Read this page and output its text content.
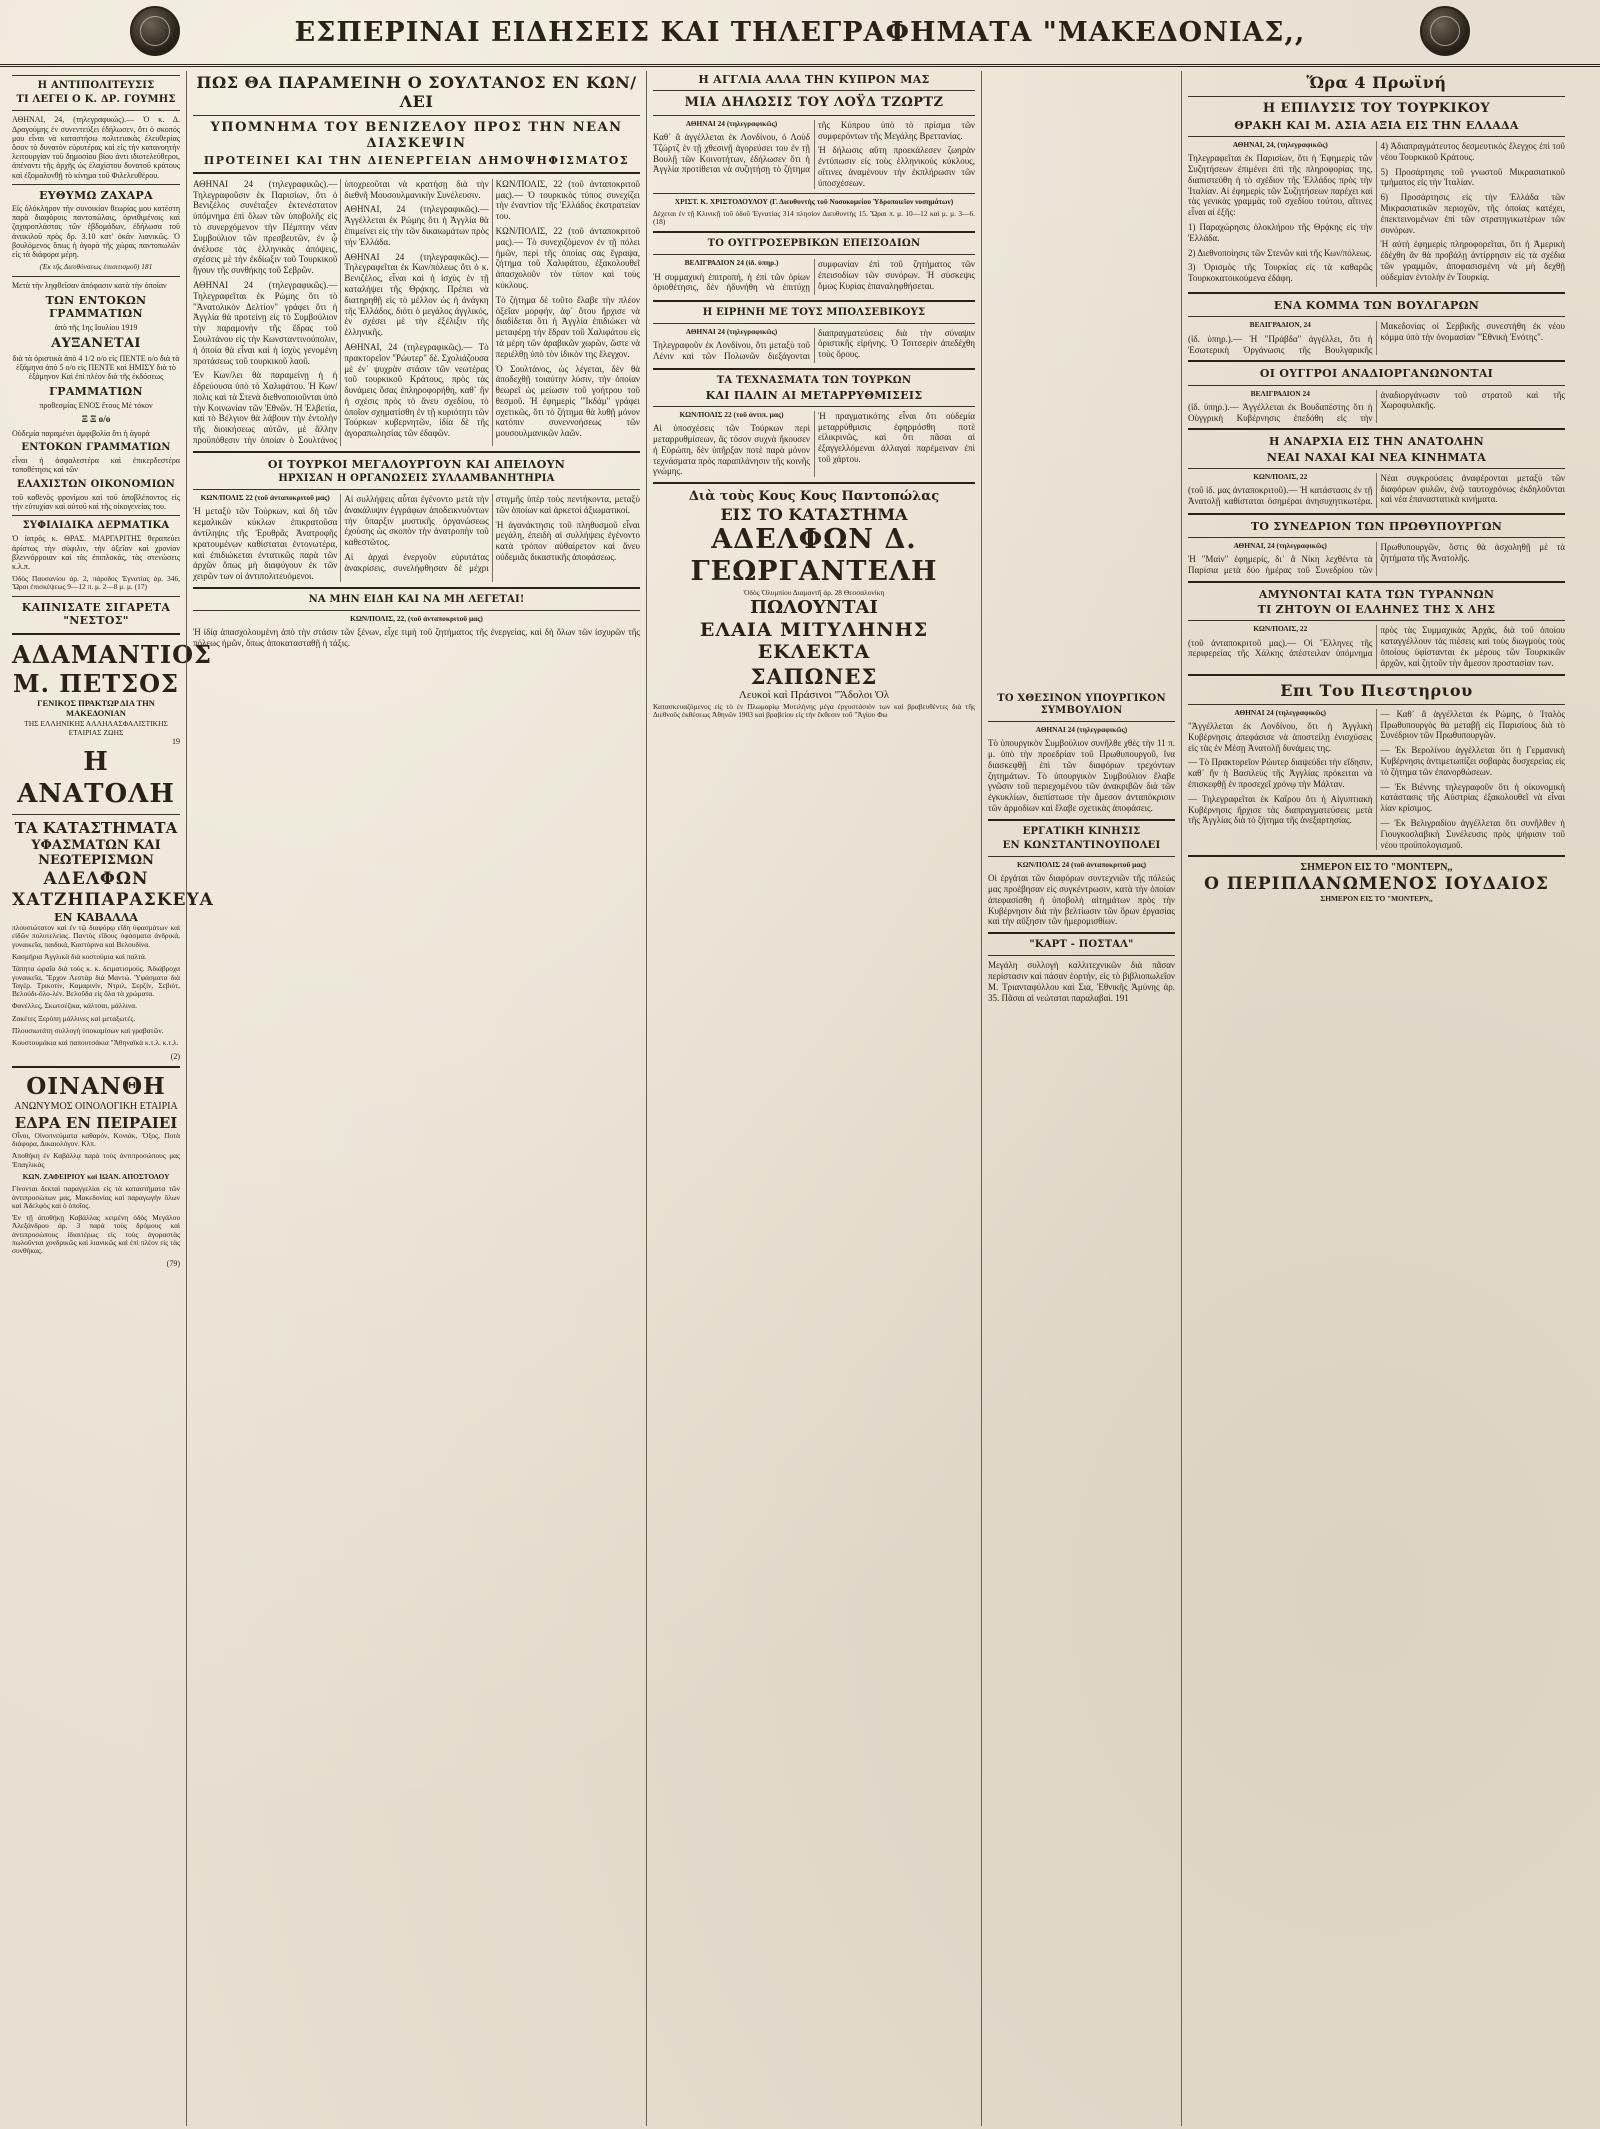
ΕΣΠΕΡΙΝΑΙ ΕΙΔΗΣΕΙΣ ΚΑΙ ΤΗΛΕΓΡΑΦΗΜΑΤΑ "ΜΑΚΕΔΟΝΙΑΣ,,
Η ΑΝΤΙΠΟΛΙΤΕΥΣΙΣ
ΤΙ ΛΕΓΕΙ Ο Κ. ΔΡ. ΓΟΥΜΗΣ

ΑΘΗΝΑΙ, 24, (τηλεγραφικώς).— Ὁ κ. Δ. Δραγούμης ἐν συνεντεύξει ἐδήλωσεν, ὅτι ὁ σκοπός μου εἶναι νὰ καταστήσω πολιτειακὰς ἐλευθερίας ὅσον τὸ δυνατὸν εὐρυτέρας καὶ εἰς τὴν κατανοητὴν λειτουργίαν τοῦ δημοσίου βίου ἀντι ιδιοτελεύθεροι, ἀπέναντι τῆς ἀρχῆς ὡς ἐλαχίστου δυνατοῦ κράτους καὶ ἐξομαλυνθῇ τὸ κίνημα τοῦ Φιλελευθέρου.

ΕΥΘΥΜΩ ΖΑΧΑΡΑ

Εἰς ὁλόκληρον τὴν συνοικίαν θεωρίας μου κατέστη παρὰ διαφόροις παντοπώλαις, ὀρνιθιμένοις καὶ ζαχαροπλάστας τῶν ἑβδομάδων, ἐδήλωσα τοῦ ἀνιικιλοῦ πρὸς δρ. 3.10 κατ' ὀκᾶν λιανικῶς. Ὁ βουλόμενος ὅπως ἡ ἀγορὰ τῆς χώρας παντοπωλῶν εἰς τὰ διάφορα μέρη.

(Ἐκ τῆς Διευθύνσεως ἐπισιτισμοῦ) 181

Μετὰ τὴν ληφθεῖσαν ἀπόφασιν κατὰ τὴν ὁποίαν

ΤΩΝ ΕΝΤΟΚΩΝ ΓΡΑΜΜΑΤΙΩΝ

ἀπὸ τῆς 1ης Ιουλίου 1919

ΑΥΞΑΝΕΤΑΙ

διὰ τὰ ὁριστικὰ ἀπὸ 4 1/2 ο/ο εἰς ΠΕΝΤΕ ο/ο διὰ τὰ ἑξάμηνα ἀπὸ 5 ο/ο εἰς ΠΕΝΤΕ καὶ ΗΜΙΣΥ διὰ τὸ ἑξάμηνον Καὶ ἐπὶ πλέον διὰ τῆς ἐκδόσεως

ΓΡΑΜΜΑΤΙΩΝ

προθεσμίας ΕΝΟΣ ἔτους Μὲ τόκον

Ξ Ξ ο/ο

Οὐδεμία παραμένει ἀμφιβολία ὅτι ἡ ἀγορὰ

ΕΝΤΟΚΩΝ ΓΡΑΜΜΑΤΙΩΝ

εἶναι ἡ ἀσφαλεστέρα καὶ ἐπικερδεστέρα τοποθέτησις καὶ τῶν

ΕΛΑΧΙΣΤΩΝ ΟΙΚΟΝΟΜΙΩΝ

τοῦ καθενὸς φρονίμου καὶ τοῦ ἀποβλέποντος εἰς τὴν εὐτυχίαν καὶ αὐτοῦ καὶ τῆς οἰκογενείας του.

ΣΥΦΙΛΙΔΙΚΑ ΔΕΡΜΑΤΙΚΑ

Ὁ ἰατρὸς κ. ΘΡΑΣ. ΜΑΡΓΑΡΙΤΗΣ θεραπεύει ἀρίστως τὴν σύφιλιν, τὴν ὀξεῖαν καὶ χρονίαν βλεννόρροιαν καὶ τὰς ἐπιπλοκάς, τὰς στενώσεις κ.λ.π.

Ὁδὸς Παυσανίου ἀρ. 2, πάροδος Ἐγνατίας ἀρ. 346, Ὥραι ἐπισκέψεως 9—12 π. μ. 2—8 μ. μ. (17)

ΚΑΠΝΙΣΑΤΕ ΣΙΓΑΡΕΤΑ "ΝΕΣΤΟΣ"
ΑΔΑΜΑΝΤΙΟΣ Μ. ΠΕΤΣΟΣ
ΓΕΝΙΚΟΣ ΠΡΑΚΤΩΡ ΔΙΑ ΤΗΝ ΜΑΚΕΔΟΝΙΑΝ
ΤΗΣ ΕΛΛΗΝΙΚΗΣ ΑΛΛΗΛΑΣΦΑΛΙΣΤΙΚΗΣ ΕΤΑΙΡΙΑΣ ΖΩΗΣ
19
Η ΑΝΑΤΟΛΗ
ΤΑ ΚΑΤΑΣΤΗΜΑΤΑ
ΥΦΑΣΜΑΤΩΝ ΚΑΙ ΝΕΩΤΕΡΙΣΜΩΝ
ΑΔΕΛΦΩΝ ΧΑΤΖΗΠΑΡΑΣΚΕΥΑ
ΕΝ ΚΑΒΑΛΛΑ

πλουσιώτατον καὶ ἐν τῷ διαφόρῳ εἴδη ὑφασμάτων καὶ εἰδῶν πολυτελείας. Παντὸς εἴδους ὑφάσματα ἀνδρικά, γυναικεῖα, παιδικά, Καστόρινα καὶ Βελουδίνα.

Κασμήρια Ἀγγλικὰ διὰ κοστούμια καὶ παλτά.

Τάπητα ὡραῖα διὰ τοὺς κ. κ. δειματισμούς. Ἀδιάβροχα γυναικεῖα, Ἔρχον Λεστὰρ διὰ Μαντώ. Ὑφάσματα διὰ Ταγέρ. Τρικοτίν, Καμαρινίν, Ντριλ, Σερζίν, Σεβιὸτ, Βελούδι-ὅλο-λέν. Βελοῦδα εἰς ὅλα τὰ χρώματα.

Φανέλλες, Σκωτσέζικα, κάλτσαι, μάλλινα.

Ζακέτες Ξερόπη μάλλινες καὶ μεταξωτές.

Πλουσιωτάτη συλλογὴ ὑποκαμίσων καὶ γραβατῶν.

Κουστουμάκια καὶ παπουτσάκια "Ἀθηναϊκὰ κ.τ.λ. κ.τ.λ.

(2)
ΟΙΝΑΝΘΗ
ΑΝΩΝΥΜΟΣ ΟΙΝΟΛΟΓΙΚΗ ΕΤΑΙΡΙΑ
ΕΔΡΑ ΕΝ ΠΕΙΡΑΙΕΙ

Οἶνοι, Οἰνοπνεύματα καθαρόν, Κονιάκ, Ὄξος, Ποτὰ διάφορα, Δικαιολόγον. Κλπ.

Ἀποθήκη ἐν Καβάλλᾳ παρὰ τοὺς ἀντιπροσώπους μας Ἐπαγλικὰς

ΚΩΝ. ΖΑΦΕΙΡΙΟΥ καὶ ΙΩΑΝ. ΑΠΟΣΤΟΛΟΥ

Γίνονται δεκταὶ παραγγελίαι εἰς τὰ καταστήματα τῶν ἀντιπροσώπων μας, Μακεδονίας καὶ παραγωγὴν ὅλων καὶ Ἀδελφὸς καὶ ὁ ὁποῖος.

Ἐν τῇ ἀποθήκῃ Καβάλλας κειμένη ὁδὸς Μεγάλου Ἀλεξάνδρου ἀρ. 3 παρὰ τοὺς δρόμους καὶ ἀντιπροσώπους ἰδιαιτέρως εἰς τοὺς ἀγοραστὰς πωλοῦνται χονδρικῶς καὶ λιανικῶς καὶ ἐπὶ πλέον εἰς τὰς συνθήκας.

(79)
ΠΩΣ ΘΑ ΠΑΡΑΜΕΙΝΗ Ο ΣΟΥΛΤΑΝΟΣ ΕΝ ΚΩΝ/ΛΕΙ
ΥΠΟΜΝΗΜΑ ΤΟΥ ΒΕΝΙΖΕΛΟΥ ΠΡΟΣ ΤΗΝ ΝΕΑΝ ΔΙΑΣΚΕΨΙΝ
ΠΡΟΤΕΙΝΕΙ ΚΑΙ ΤΗΝ ΔΙΕΝΕΡΓΕΙΑΝ ΔΗΜΟΨΗΦΙΣΜΑΤΟΣ

ΑΘΗΝΑΙ 24 (τηλεγραφικῶς).— Τηλεγραφοῦσιν ἐκ Παρισίων, ὅτι ὁ Βενιζέλος συνέταξεν ἐκτενέστατον ὑπόμνημα ἐπὶ ὅλων τῶν ὑποβολῆς εἰς τὸ συνερχόμενον τὴν Πέμπτην νέαν Συμβούλιον τῶν πρεσβευτῶν, ἐν ᾧ ἀνέλυσε τὰς ἑλληνικὰς ἀπόψεις, σχέσεις μὲ τὴν ἐκδίωξιν τοῦ Τουρκικοῦ ἤγουν τῆς συνθήκης τοῦ Σεβρῶν.

ΑΘΗΝΑΙ 24 (τηλεγραφικῶς).— Τηλεγραφεῖται ἐκ Ρώμης ὅτι τὸ "Ἀνατολικὸν Δελτίον" γράφει ὅτι ἡ Ἀγγλία θὰ προτείνῃ εἰς τὸ Συμβούλιον τὴν παραμονὴν τῆς ἕδρας τοῦ Σουλτάνου εἰς τὴν Κωνσταντινούπολιν, ἡ ὁποία θὰ εἶναι καὶ ἡ ἰσχὺς γενομένη προτάσεως τοῦ τουρκικοῦ λαοῦ.

Ἐν Κων/λει θὰ παραμείνῃ ἡ ἡ ἑδρεύουσα ὑπὸ τὸ Χαλιφάτου. Ἡ Κων/πολις καὶ τὰ Στενὰ διεθνοποιοῦνται ὑπὸ τὴν Κοινωνίαν τῶν Ἐθνῶν. Ἡ Ἑλβετία, καὶ τὸ Βέλγιον θὰ λάβουν τὴν ἐντολὴν τῆς διοικήσεως αὐτῶν, μὲ ἄλλην προϋπόθεσιν τὴν ὁποίαν ὁ Σουλτάνος ὑποχρεοῦται νὰ κρατήσῃ διὰ τὴν διεθνῆ Μουσουλμανικὴν Συνέλευσιν.

ΑΘΗΝΑΙ, 24 (τηλεγραφικῶς).— Ἀγγέλλεται ἐκ Ρώμης ὅτι ἡ Ἀγγλία θὰ ἐπιμείνει εἰς τὴν τῶν δικαιωμάτων πρὸς τὴν Ἑλλάδα.

ΑΘΗΝΑΙ 24 (τηλεγραφικῶς).— Τηλεγραφεῖται ἐκ Κων/πόλεως ὅτι ὁ κ. Βενιζέλος, εἶναι καὶ ἡ ἰσχὺς ἐν τῇ καταλήψει τῆς Θρᾴκης. Πρέπει νὰ διατηρηθῇ εἰς τὸ μέλλον ὡς ἡ ἀνάγκη τῆς Ἑλλάδος, διότι ὁ μεγάλος ἀγγλικός, ἐν σχέσει μὲ τὴν ἐξέλιξιν τῆς ἑλληνικῆς.

ΑΘΗΝΑΙ, 24 (τηλεγραφικῶς).— Τὸ πρακτορεῖον "Ρώυτερ" δὲ. Σχολιάζουσα μὲ ἐν᾽ ψυχρὰν στάσιν τῶν νεωτέρας τοῦ τουρκικοῦ Κράτους, πρὸς τὰς δυνάμεις ὅσας ἐπληροφορήθη, καθ᾽ ἣν ἡ σχέσις πρὸς τὸ ἄνευ σχεδίου, τὸ ὁποῖον σχηματίσθη ἐν τῇ κυριότητι τῶν Τούρκων κυβερνητῶν, ἰδία δὲ τῆς ἀγοραπωλησίας τῶν ἐδαφῶν.

ΚΩΝ/ΠΟΛΙΣ, 22 (τοῦ ἀνταποκριτοῦ μας).— Ὁ τουρκικὸς τύπος συνεχίζει τὴν ἐναντίον τῆς Ἑλλάδος ἐκστρατείαν του.

ΚΩΝ/ΠΟΛΙΣ, 22 (τοῦ ἀνταποκριτοῦ μας).— Τὸ συνεχιζόμενον ἐν τῇ πόλει ἡμῶν, περὶ τῆς ὁποίας σας ἔγραψα, ζήτημα τοῦ Χαλιφάτου, ἐξακολουθεῖ ἀπασχολοῦν τὸν τύπον καὶ τοὺς κύκλους.

Τὸ ζήτημα δὲ τοῦτο ἔλαβε τὴν πλέον ὀξεῖαν μορφήν, ἀφ᾽ ὅτου ἤρχισε νὰ διαδίδεται ὅτι ἡ Ἀγγλία ἐπιδιώκει νὰ μεταφέρῃ τὴν ἕδραν τοῦ Χαλιφάτου εἰς τὰ μέρη τῶν ἀραβικῶν χωρῶν, ὥστε νὰ περιέλθῃ ὑπὸ τὸν ἰδικὸν της ἔλεγχον.

Ὁ Σουλτάνος, ὡς λέγεται, δὲν θὰ ἀποδεχθῇ τοιαύτην λύσιν, τὴν ὁποίαν θεωρεῖ ὡς μείωσιν τοῦ γοήτρου τοῦ θεσμοῦ. Ἡ ἐφημερὶς "Ἰκδάμ" γράφει σχετικῶς, ὅτι τὸ ζήτημα θὰ λυθῇ μόνον κατόπιν συνεννοήσεως τῶν μουσουλμανικῶν λαῶν.

ΟΙ ΤΟΥΡΚΟΙ ΜΕΓΑΛΟΥΡΓΟΥΝ ΚΑΙ ΑΠΕΙΛΟΥΝ
ΗΡΧΙΣΑΝ Η ΟΡΓΑΝΩΣΕΙΣ ΣΥΛΛΑΜΒΑΝΗΤΗΡΙΑ

ΚΩΝ/ΠΟΛΙΣ 22 (τοῦ ἀνταποκριτοῦ μας)

Ἡ μεταξὺ τῶν Τούρκων, καὶ δὴ τῶν κεμαλικῶν κύκλων ἐπικρατοῦσα ἀντίληψις τῆς Ἐρυθρᾶς Ἀνατροφῆς κρατουμένων καθίσταται ἐντονωτέρα, καὶ ἐπιδιώκεται ἐντατικῶς παρὰ τῶν ἀρχῶν ὅπως μὴ διαφύγουν ἐκ τῶν χειρῶν των οἱ ἀντιπολιτευόμενοι.

Αἱ συλλήψεις αὗται ἐγένοντο μετὰ τὴν ἀνακάλυψιν ἐγγράφων ἀποδεικνυόντων τὴν ὕπαρξιν μυστικῆς ὀργανώσεως ἐχούσης ὡς σκοπὸν τὴν ἀνατροπὴν τοῦ καθεστῶτος.

Αἱ ἀρχαὶ ἐνεργοῦν εὐρυτάτας ἀνακρίσεις, συνελήφθησαν δὲ μέχρι στιγμῆς ὑπὲρ τοὺς πεντήκοντα, μεταξὺ τῶν ὁποίων καὶ ἀρκετοὶ ἀξιωματικοί.

Ἡ ἀγανάκτησις τοῦ πληθυσμοῦ εἶναι μεγάλη, ἐπειδὴ αἱ συλλήψεις ἐγένοντο κατὰ τρόπον αὐθαίρετον καὶ ἄνευ οὐδεμιᾶς δικαστικῆς ἀποφάσεως.

ΝΑ ΜΗΝ ΕΙΔΗ ΚΑΙ ΝΑ ΜΗ ΛΕΓΕΤΑΙ!

ΚΩΝ/ΠΟΛΙΣ, 22, (τοῦ ἀνταποκριτοῦ μας)

Ἡ ἰδίᾳ ἀπασχολουμένη ἀπὸ τὴν στάσιν τῶν ξένων, εἶχε τιμὴ τοῦ ζητήματος τῆς ἐνεργείας, καὶ δὴ ὅλων τῶν ἰσχυρῶν τῆς πόλεως ἡμῶν, ὅπως ἀποκατασταθῇ ἡ τάξις.

Η ΑΓΓΛΙΑ ΑΛΛΑ ΤΗΝ ΚΥΠΡΟΝ ΜΑΣ
ΜΙΑ ΔΗΛΩΣΙΣ ΤΟΥ ΛΟΫΔ ΤΖΩΡΤΖ

ΑΘΗΝΑΙ 24 (τηλεγραφικῶς)

Καθ᾽ ἃ ἀγγέλλεται ἐκ Λονδίνου, ὁ Λοὺδ Τζώρτζ ἐν τῇ χθεσινῇ ἀγορεύσει του ἐν τῇ Βουλῇ τῶν Κοινοτήτων, ἐδήλωσεν ὅτι ἡ Ἀγγλία προτίθεται νὰ συζητήσῃ τὸ ζήτημα τῆς Κύπρου ὑπὸ τὸ πρίσμα τῶν συμφερόντων τῆς Μεγάλης Βρεττανίας.

Ἡ δήλωσις αὕτη προεκάλεσεν ζωηρὰν ἐντύπωσιν εἰς τοὺς ἑλληνικοὺς κύκλους, οἵτινες ἀναμένουν τὴν ἐκπλήρωσιν τῶν ὑποσχέσεων.

ΧΡΙΣΤ. Κ. ΧΡΙΣΤΟΔΟΥΛΟΥ (Γ. Διευθυντὴς τοῦ Νοσοκομείου Ὑδροποιεῖον νοσημάτων)

Δέχεται ἐν τῇ Κλινικῇ τοῦ ὁδοῦ Ἐγνατίας 314 πλησίον Διευθυντὴς 15. Ὥραι π. μ. 10—12 καὶ μ. μ. 3—6. (18)

ΤΟ ΟΥΓΓΡΟΣΕΡΒΙΚΩΝ ΕΠΕΙΣΟΔΙΩΝ

ΒΕΛΙΓΡΑΔΙΟΝ 24 (ἰδ. ὑπηρ.)

Ἡ συμμαχικὴ ἐπιτροπή, ἡ ἐπὶ τῶν ὁρίων ὁριοθέτησις, δὲν ἠδυνήθη νὰ ἐπιτύχῃ συμφωνίαν ἐπὶ τοῦ ζητήματος τῶν ἐπεισοδίων τῶν συνόρων. Ἡ σύσκεψις ὅμως Κυρίας ἐπαναληφθήσεται.

Η ΕΙΡΗΝΗ ΜΕ ΤΟΥΣ ΜΠΟΛΣΕΒΙΚΟΥΣ

ΑΘΗΝΑΙ 24 (τηλεγραφικῶς)

Τηλεγραφοῦν ἐκ Λονδίνου, ὅτι μεταξὺ τοῦ Λένιν καὶ τῶν Πολωνῶν διεξάγονται διαπραγματεύσεις διὰ τὴν σύναψιν ὁριστικῆς εἰρήνης. Ὁ Τσιτσερὶν ἀπεδέχθη τοὺς ὅρους.

ΤΑ ΤΕΧΝΑΣΜΑΤΑ ΤΩΝ ΤΟΥΡΚΩΝ
ΚΑΙ ΠΑΛΙΝ ΑΙ ΜΕΤΑΡΡΥΘΜΙΣΕΙΣ

ΚΩΝ/ΠΟΛΙΣ 22 (τοῦ ἀντιπ. μας)

Αἱ ὑποσχέσεις τῶν Τούρκων περὶ μεταρρυθμίσεων, ἃς τόσον συχνὰ ἤκουσεν ἡ Εὐρώπη, δὲν ὑπῆρξαν ποτὲ παρὰ μόνον τεχνάσματα πρὸς παραπλάνησιν τῆς κοινῆς γνώμης.

Ἡ πραγματικότης εἶναι ὅτι οὐδεμία μεταρρύθμισις ἐφηρμόσθη ποτὲ εἰλικρινῶς, καὶ ὅτι πᾶσαι αἱ ἐξαγγελλόμεναι ἀλλαγαὶ παρέμειναν ἐπὶ τοῦ χάρτου.

Διὰ τοὺς Κους Κους Παντοπώλας
ΕΙΣ ΤΟ ΚΑΤΑΣΤΗΜΑ
ΑΔΕΛΦΩΝ Δ. ΓΕΩΡΓΑΝΤΕΛΗ
Ὁδὸς Ὀλυμπίου Διαμαντῆ ἀρ. 28 Θεσσαλονίκη
ΠΩΛΟΥΝΤΑΙ
ΕΛΑΙΑ ΜΙΤΥΛΗΝΗΣ ΕΚΛΕΚΤΑ
ΣΑΠΩΝΕΣ
Λευκοὶ καὶ Πράσινοι "Ἄδολοι Ὀλ

Κατασκευαζόμενος εἰς τὸ ἐν Πλωμαρίῳ Μυτιλήνης μέγα ἐργοστάσιόν των καὶ βραβευθέντες διὰ τῆς Διεθνοῦς ἐκθέσεως Ἀθηνῶν 1903 καὶ βραβείου εἰς τὴν ἔκθεσιν τοῦ "Ἁγίου Φω

ΤΟ ΧΘΕΣΙΝΟΝ ΥΠΟΥΡΓΙΚΟΝ ΣΥΜΒΟΥΛΙΟΝ

ΑΘΗΝΑΙ 24 (τηλεγραφικῶς)

Τὸ ὑπουργικὸν Συμβούλιον συνῆλθε χθὲς τὴν 11 π. μ. ὑπὸ τὴν προεδρίαν τοῦ Πρωθυπουργοῦ, ἵνα διασκεφθῇ ἐπὶ τῶν διαφόρων τρεχόντων ζητημάτων. Τὸ ὑπουργικὸν Συμβούλιον ἔλαβε γνῶσιν τοῦ περιεχομένου τῶν ἀνακριβῶν διὰ τῶν ἐγκυκλίων, διεπίστωσε τὴν ἄμεσον ἀνταπόκρισιν τῶν ἁρμοδίων καὶ ἔλαβε σχετικὰς ἀποφάσεις.

ΕΡΓΑΤΙΚΗ ΚΙΝΗΣΙΣ
ΕΝ ΚΩΝΣΤΑΝΤΙΝΟΥΠΟΛΕΙ

ΚΩΝ/ΠΟΛΙΣ 24 (τοῦ ἀνταποκριτοῦ μας)

Οἱ ἐργάται τῶν διαφόρων συντεχνιῶν τῆς πόλεώς μας προέβησαν εἰς συγκέντρωσιν, κατὰ τὴν ὁποίαν ἀπεφασίσθη ἡ ὑποβολὴ αἰτημάτων πρὸς τὴν Κυβέρνησιν διὰ τὴν βελτίωσιν τῶν ὅρων ἐργασίας καὶ τὴν αὔξησιν τῶν ἡμερομισθίων.

"ΚΑΡΤ - ΠΟΣΤΑΛ"

Μεγάλη συλλογὴ καλλιτεχνικῶν διὰ πᾶσαν περίστασιν καὶ πάσαν ἑορτήν, εἰς τὸ βιβλιοπωλεῖον Μ. Τριανταφύλλου καὶ Σια, Ἐθνικῆς Ἀμύνης ἀρ. 35. Πᾶσαι αἱ νεώταται παραλαβαί. 191

Ὥρα 4 Πρωϊνή
Η ΕΠΙΛΥΣΙΣ ΤΟΥ ΤΟΥΡΚΙΚΟΥ
ΘΡΑΚΗ ΚΑΙ Μ. ΑΣΙΑ ΑΞΙΑ ΕΙΣ ΤΗΝ ΕΛΛΑΔΑ

ΑΘΗΝΑΙ, 24, (τηλεγραφικῶς)

Τηλεγραφεῖται ἐκ Παρισίων, ὅτι ἡ Ἐφημερὶς τῶν Συζητήσεων ἐπιμένει ἐπὶ τῆς πληροφορίας της, διαπιστεύθη ἡ τὸ σχέδιον τῆς Ἑλλάδος πρὸς τὴν Ἰταλίαν. Αἱ ἐφημερὶς τῶν Συζητήσεων παρέχει καὶ τὰς γενικὰς γραμμὰς τοῦ σχεδίου τούτου, αἵτινες εἶναι αἱ ἑξῆς:

1) Παραχώρησις ὁλοκλήρου τῆς Θρᾴκης εἰς τὴν Ἑλλάδα.

2) Διεθνοποίησις τῶν Στενῶν καὶ τῆς Κων/πόλεως.

3) Ὁρισμὸς τῆς Τουρκίας εἰς τὰ καθαρῶς Τουρκοκατοικούμενα ἐδάφη.

4) Ἀδιαπραγμάτευτος δεσμευτικὸς ἔλεγχος ἐπὶ τοῦ νέου Τουρκικοῦ Κράτους.

5) Προσάρτησις τοῦ γνωστοῦ Μικρασιατικοῦ τμήματος εἰς τὴν Ἰταλίαν.

6) Προσάρτησις εἰς τὴν Ἑλλάδα τῶν Μικρασιατικῶν περιοχῶν, τῆς ὁποίας κατέχει, ἐπεκτεινομένων ἐπὶ τῶν στρατηγικωτέρων τῶν συνόρων.

Ἡ αὐτὴ ἐφημερὶς πληροφορεῖται, ὅτι ἡ Ἀμερικὴ ἐδέχθη ἂν θὰ προβάλῃ ἀντίρρησιν εἰς τὰ σχέδια τῶν γραμμῶν, ἀποφασισμένη νὰ μὴ δεχθῇ οὐδεμίαν ἐντολὴν ἐν Τουρκίᾳ.

ΕΝΑ ΚΟΜΜΑ ΤΩΝ ΒΟΥΛΓΑΡΩΝ

ΒΕΛΙΓΡΑΔΙΟΝ, 24

(ἰδ. ὑπηρ.).— Ἡ "Πράβδα" ἀγγέλλει, ὅτι ἡ Ἐσωτερικὴ Ὀργάνωσις τῆς Βουλγαρικῆς Μακεδονίας οἱ Σερβικῆς συνεστήθη ἐκ νέου κόμμα ὑπὸ τὴν ὀνομασίαν "Ἐθνικὴ Ἑνότης".

ΟΙ ΟΥΓΓΡΟΙ ΑΝΑΔΙΟΡΓΑΝΩΝΟΝΤΑΙ

ΒΕΛΙΓΡΑΔΙΟΝ 24

(ἰδ. ὑπηρ.).— Ἀγγέλλεται ἐκ Βουδαπέστης ὅτι ἡ Οὑγγρικὴ Κυβέρνησις ἐπεδόθη εἰς τὴν ἀναδιοργάνωσιν τοῦ στρατοῦ καὶ τῆς Χωροφυλακῆς.

Η ΑΝΑΡΧΙΑ ΕΙΣ ΤΗΝ ΑΝΑΤΟΛΗΝ
ΝΕΑΙ ΝΑΧΑΙ ΚΑΙ ΝΕΑ ΚΙΝΗΜΑΤΑ

ΚΩΝ/ΠΟΛΙΣ, 22

(τοῦ ἰδ. μας ἀνταποκριτοῦ).— Ἡ κατάστασις ἐν τῇ Ἀνατολῇ καθίσταται ὁσημέραι ἀνησυχητικωτέρα. Νέαι συγκρούσεις ἀναφέρονται μεταξὺ τῶν διαφόρων φυλῶν, ἐνῷ ταυτοχρόνως ἐκδηλοῦνται καὶ νέα ἐπαναστατικὰ κινήματα.

ΤΟ ΣΥΝΕΔΡΙΟΝ ΤΩΝ ΠΡΩΘΥΠΟΥΡΓΩΝ

ΑΘΗΝΑΙ, 24 (τηλεγραφικῶς)

Ἡ "Μαὶν" ἐφημερίς, δι᾽ ἃ Νίκη λεχθέντα τὰ Παρίσια μετὰ δύο ἡμέρας τοῦ Συνεδρίου τῶν Πρωθυπουργῶν, ὅστις θὰ ἀσχοληθῇ μὲ τὰ ζητήματα τῆς Ἀνατολῆς.

ΑΜΥΝΟΝΤΑΙ ΚΑΤΑ ΤΩΝ ΤΥΡΑΝΝΩΝ
ΤΙ ΖΗΤΟΥΝ ΟΙ ΕΛΛΗΝΕΣ ΤΗΣ Χ ΛΗΣ

ΚΩΝ/ΠΟΛΙΣ, 22

(τοῦ ἀνταποκριτοῦ μας).— Οἱ Ἕλληνες τῆς περιφερείας τῆς Χάλκης ἀπέστειλαν ὑπόμνημα πρὸς τὰς Συμμαχικὰς Ἀρχάς, διὰ τοῦ ὁποίου καταγγέλλουν τὰς πιέσεις καὶ τοὺς διωγμοὺς τοὺς ὁποίους ὑφίστανται ἐκ μέρους τῶν Τουρκικῶν ἀρχῶν, καὶ ζητοῦν τὴν ἄμεσον προστασίαν των.

Επι Του Πιεστηριου

ΑΘΗΝΑΙ 24 (τηλεγραφικῶς)

"Ἀγγέλλεται ἐκ Λονδίνου, ὅτι ἡ Ἀγγλικὴ Κυβέρνησις ἀπεφάσισε νὰ ἀποστείλῃ ἐνισχύσεις εἰς τὰς ἐν Μέσῃ Ἀνατολῇ δυνάμεις της.

— Τὸ Πρακτορεῖον Ρώυτερ διαψεύδει τὴν εἴδησιν, καθ᾽ ἣν ἡ Βασιλεὺς τῆς Ἀγγλίας πρόκειται νὰ ἐπισκεφθῇ ἐν προσεχεῖ χρόνῳ τὴν Μάλταν.

— Τηλεγραφεῖται ἐκ Καΐρου ὅτι ἡ Αἰγυπτιακὴ Κυβέρνησις ἤρχισε τὰς διαπραγματεύσεις μετὰ τῆς Ἀγγλίας διὰ τὸ ζήτημα τῆς ἀνεξαρτησίας.

— Καθ᾽ ἃ ἀγγέλλεται ἐκ Ρώμης, ὁ Ἰταλὸς Πρωθυπουργὸς θὰ μεταβῇ εἰς Παρισίους διὰ τὸ Συνέδριον τῶν Πρωθυπουργῶν.

— Ἐκ Βερολίνου ἀγγέλλεται ὅτι ἡ Γερμανικὴ Κυβέρνησις ἀντιμετωπίζει σοβαρὰς δυσχερείας εἰς τὸ ζήτημα τῶν ἐπανορθώσεων.

— Ἐκ Βιέννης τηλεγραφοῦν ὅτι ἡ οἰκονομικὴ κατάστασις τῆς Αὐστρίας ἐξακολουθεῖ νὰ εἶναι λίαν κρίσιμος.

— Ἐκ Βελιγραδίου ἀγγέλλεται ὅτι συνῆλθεν ἡ Γιουγκοσλαβικὴ Συνέλευσις πρὸς ψήφισιν τοῦ νέου προϋπολογισμοῦ.

ΣΗΜΕΡΟΝ ΕΙΣ ΤΟ "ΜΟΝΤΕΡΝ,,
Ο ΠΕΡΙΠΛΑΝΩΜΕΝΟΣ ΙΟΥΔΑΙΟΣ
ΣΗΜΕΡΟΝ ΕΙΣ ΤΟ "ΜΟΝΤΕΡΝ,,
